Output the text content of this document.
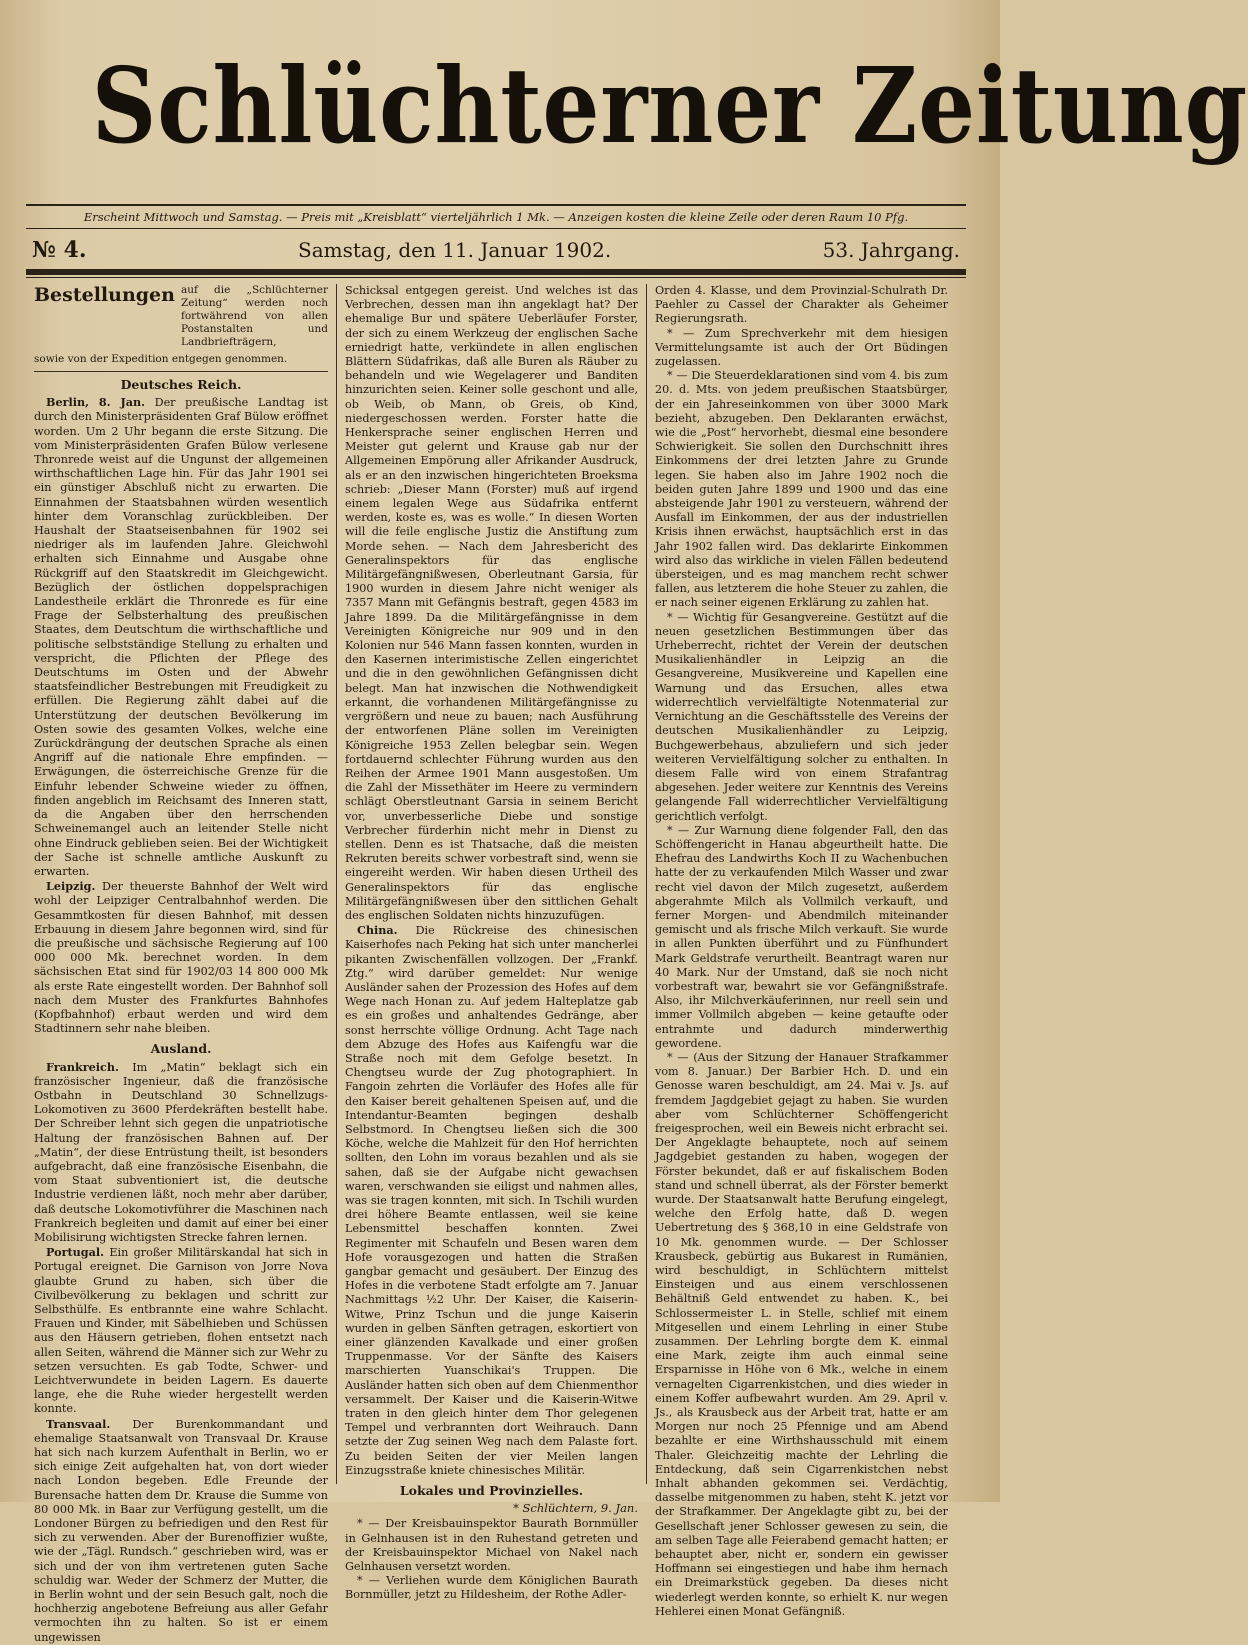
Schlüchterner Zeitung
Erscheint Mittwoch und Samstag. — Preis mit „Kreisblatt“ vierteljährlich 1 Mk. — Anzeigen kosten die kleine Zeile oder deren Raum 10 Pfg.
№ 4.	Samstag, den 11. Januar 1902.	53. Jahrgang.
Bestellungen auf die „Schlüchterner Zeitung“ werden noch fortwährend von allen Postanstalten und Landbriefträgern,
sowie von der Expedition entgegen genommen.
Deutsches Reich.

Berlin, 8. Jan. Der preußische Landtag ist durch den Ministerpräsidenten Graf Bülow eröffnet worden. Um 2 Uhr begann die erste Sitzung. Die vom Ministerpräsidenten Grafen Bülow verlesene Thronrede weist auf die Ungunst der allgemeinen wirthschaftlichen Lage hin. Für das Jahr 1901 sei ein günstiger Abschluß nicht zu erwarten. Die Einnahmen der Staatsbahnen würden wesentlich hinter dem Voranschlag zurückbleiben. Der Haushalt der Staatseisenbahnen für 1902 sei niedriger als im laufenden Jahre. Gleichwohl erhalten sich Einnahme und Ausgabe ohne Rückgriff auf den Staatskredit im Gleichgewicht. Bezüglich der östlichen doppelsprachigen Landestheile erklärt die Thronrede es für eine Frage der Selbsterhaltung des preußischen Staates, dem Deutschtum die wirthschaftliche und politische selbstständige Stellung zu erhalten und verspricht, die Pflichten der Pflege des Deutschtums im Osten und der Abwehr staatsfeindlicher Bestrebungen mit Freudigkeit zu erfüllen. Die Regierung zählt dabei auf die Unterstützung der deutschen Bevölkerung im Osten sowie des gesamten Volkes, welche eine Zurückdrängung der deutschen Sprache als einen Angriff auf die nationale Ehre empfinden. — Erwägungen, die österreichische Grenze für die Einfuhr lebender Schweine wieder zu öffnen, finden angeblich im Reichsamt des Inneren statt, da die Angaben über den herrschenden Schweinemangel auch an leitender Stelle nicht ohne Eindruck geblieben seien. Bei der Wichtigkeit der Sache ist schnelle amtliche Auskunft zu erwarten.

Leipzig. Der theuerste Bahnhof der Welt wird wohl der Leipziger Centralbahnhof werden. Die Gesammtkosten für diesen Bahnhof, mit dessen Erbauung in diesem Jahre begonnen wird, sind für die preußische und sächsische Regierung auf 100 000 000 Mk. berechnet worden. In dem sächsischen Etat sind für 1902/03 14 800 000 Mk als erste Rate eingestellt worden. Der Bahnhof soll nach dem Muster des Frankfurtes Bahnhofes (Kopfbahnhof) erbaut werden und wird dem Stadtinnern sehr nahe bleiben.

Ausland.

Frankreich. Im „Matin“ beklagt sich ein französischer Ingenieur, daß die französische Ostbahn in Deutschland 30 Schnellzugs-Lokomotiven zu 3600 Pferdekräften bestellt habe. Der Schreiber lehnt sich gegen die unpatriotische Haltung der französischen Bahnen auf. Der „Matin“, der diese Entrüstung theilt, ist besonders aufgebracht, daß eine französische Eisenbahn, die vom Staat subventioniert ist, die deutsche Industrie verdienen läßt, noch mehr aber darüber, daß deutsche Lokomotivführer die Maschinen nach Frankreich begleiten und damit auf einer bei einer Mobilisirung wichtigsten Strecke fahren lernen.

Portugal. Ein großer Militärskandal hat sich in Portugal ereignet. Die Garnison von Jorre Nova glaubte Grund zu haben, sich über die Civilbevölkerung zu beklagen und schritt zur Selbsthülfe. Es entbrannte eine wahre Schlacht. Frauen und Kinder, mit Säbelhieben und Schüssen aus den Häusern getrieben, flohen entsetzt nach allen Seiten, während die Männer sich zur Wehr zu setzen versuchten. Es gab Todte, Schwer- und Leichtverwundete in beiden Lagern. Es dauerte lange, ehe die Ruhe wieder hergestellt werden konnte.

Transvaal. Der Burenkommandant und ehemalige Staatsanwalt von Transvaal Dr. Krause hat sich nach kurzem Aufenthalt in Berlin, wo er sich einige Zeit aufgehalten hat, von dort wieder nach London begeben. Edle Freunde der Burensache hatten dem Dr. Krause die Summe von 80 000 Mk. in Baar zur Verfügung gestellt, um die Londoner Bürgen zu befriedigen und den Rest für sich zu verwenden. Aber der Burenoffizier wußte, wie der „Tägl. Rundsch.“ geschrieben wird, was er sich und der von ihm vertretenen guten Sache schuldig war. Weder der Schmerz der Mutter, die in Berlin wohnt und der sein Besuch galt, noch die hochherzig angebotene Befreiung aus aller Gefahr vermochten ihn zu halten. So ist er einem ungewissen

Schicksal entgegen gereist. Und welches ist das Verbrechen, dessen man ihn angeklagt hat? Der ehemalige Bur und spätere Ueberläufer Forster, der sich zu einem Werkzeug der englischen Sache erniedrigt hatte, verkündete in allen englischen Blättern Südafrikas, daß alle Buren als Räuber zu behandeln und wie Wegelagerer und Banditen hinzurichten seien. Keiner solle geschont und alle, ob Weib, ob Mann, ob Greis, ob Kind, niedergeschossen werden. Forster hatte die Henkersprache seiner englischen Herren und Meister gut gelernt und Krause gab nur der Allgemeinen Empörung aller Afrikander Ausdruck, als er an den inzwischen hingerichteten Broeksma schrieb: „Dieser Mann (Forster) muß auf irgend einem legalen Wege aus Südafrika entfernt werden, koste es, was es wolle.“ In diesen Worten will die feile englische Justiz die Anstiftung zum Morde sehen. — Nach dem Jahresbericht des Generalinspektors für das englische Militärgefängnißwesen, Oberleutnant Garsia, für 1900 wurden in diesem Jahre nicht weniger als 7357 Mann mit Gefängnis bestraft, gegen 4583 im Jahre 1899. Da die Militärgefängnisse in dem Vereinigten Königreiche nur 909 und in den Kolonien nur 546 Mann fassen konnten, wurden in den Kasernen interimistische Zellen eingerichtet und die in den gewöhnlichen Gefängnissen dicht belegt. Man hat inzwischen die Nothwendigkeit erkannt, die vorhandenen Militärgefängnisse zu vergrößern und neue zu bauen; nach Ausführung der entworfenen Pläne sollen im Vereinigten Königreiche 1953 Zellen belegbar sein. Wegen fortdauernd schlechter Führung wurden aus den Reihen der Armee 1901 Mann ausgestoßen. Um die Zahl der Missethäter im Heere zu vermindern schlägt Oberstleutnant Garsia in seinem Bericht vor, unverbesserliche Diebe und sonstige Verbrecher fürderhin nicht mehr in Dienst zu stellen. Denn es ist Thatsache, daß die meisten Rekruten bereits schwer vorbestraft sind, wenn sie eingereiht werden. Wir haben diesen Urtheil des Generalinspektors für das englische Militärgefängnißwesen über den sittlichen Gehalt des englischen Soldaten nichts hinzuzufügen.

China. Die Rückreise des chinesischen Kaiserhofes nach Peking hat sich unter mancherlei pikanten Zwischenfällen vollzogen. Der „Frankf. Ztg.“ wird darüber gemeldet: Nur wenige Ausländer sahen der Prozession des Hofes auf dem Wege nach Honan zu. Auf jedem Halteplatze gab es ein großes und anhaltendes Gedränge, aber sonst herrschte völlige Ordnung. Acht Tage nach dem Abzuge des Hofes aus Kaifengfu war die Straße noch mit dem Gefolge besetzt. In Chengtseu wurde der Zug photographiert. In Fangoin zehrten die Vorläufer des Hofes alle für den Kaiser bereit gehaltenen Speisen auf, und die Intendantur-Beamten begingen deshalb Selbstmord. In Chengtseu ließen sich die 300 Köche, welche die Mahlzeit für den Hof herrichten sollten, den Lohn im voraus bezahlen und als sie sahen, daß sie der Aufgabe nicht gewachsen waren, verschwanden sie eiligst und nahmen alles, was sie tragen konnten, mit sich. In Tschili wurden drei höhere Beamte entlassen, weil sie keine Lebensmittel beschaffen konnten. Zwei Regimenter mit Schaufeln und Besen waren dem Hofe vorausgezogen und hatten die Straßen gangbar gemacht und gesäubert. Der Einzug des Hofes in die verbotene Stadt erfolgte am 7. Januar Nachmittags ½2 Uhr. Der Kaiser, die Kaiserin-Witwe, Prinz Tschun und die junge Kaiserin wurden in gelben Sänften getragen, eskortiert von einer glänzenden Kavalkade und einer großen Truppenmasse. Vor der Sänfte des Kaisers marschierten Yuanschikai's Truppen. Die Ausländer hatten sich oben auf dem Chienmenthor versammelt. Der Kaiser und die Kaiserin-Witwe traten in den gleich hinter dem Thor gelegenen Tempel und verbrannten dort Weihrauch. Dann setzte der Zug seinen Weg nach dem Palaste fort. Zu beiden Seiten der vier Meilen langen Einzugsstraße kniete chinesisches Militär.

Lokales und Provinzielles.
* Schlüchtern, 9. Jan.

* — Der Kreisbauinspektor Baurath Bornmüller in Gelnhausen ist in den Ruhestand getreten und der Kreisbauinspektor Michael von Nakel nach Gelnhausen versetzt worden.

* — Verliehen wurde dem Königlichen Baurath Bornmüller, jetzt zu Hildesheim, der Rothe Adler-

Orden 4. Klasse, und dem Provinzial-Schulrath Dr. Paehler zu Cassel der Charakter als Geheimer Regierungsrath.

* — Zum Sprechverkehr mit dem hiesigen Vermittelungsamte ist auch der Ort Büdingen zugelassen.

* — Die Steuerdeklarationen sind vom 4. bis zum 20. d. Mts. von jedem preußischen Staatsbürger, der ein Jahreseinkommen von über 3000 Mark bezieht, abzugeben. Den Deklaranten erwächst, wie die „Post“ hervorhebt, diesmal eine besondere Schwierigkeit. Sie sollen den Durchschnitt ihres Einkommens der drei letzten Jahre zu Grunde legen. Sie haben also im Jahre 1902 noch die beiden guten Jahre 1899 und 1900 und das eine absteigende Jahr 1901 zu versteuern, während der Ausfall im Einkommen, der aus der industriellen Krisis ihnen erwächst, hauptsächlich erst in das Jahr 1902 fallen wird. Das deklarirte Einkommen wird also das wirkliche in vielen Fällen bedeutend übersteigen, und es mag manchem recht schwer fallen, aus letzterem die hohe Steuer zu zahlen, die er nach seiner eigenen Erklärung zu zahlen hat.

* — Wichtig für Gesangvereine. Gestützt auf die neuen gesetzlichen Bestimmungen über das Urheberrecht, richtet der Verein der deutschen Musikalienhändler in Leipzig an die Gesangvereine, Musikvereine und Kapellen eine Warnung und das Ersuchen, alles etwa widerrechtlich vervielfältigte Notenmaterial zur Vernichtung an die Geschäftsstelle des Vereins der deutschen Musikalienhändler zu Leipzig, Buchgewerbehaus, abzuliefern und sich jeder weiteren Vervielfältigung solcher zu enthalten. In diesem Falle wird von einem Strafantrag abgesehen. Jeder weitere zur Kenntnis des Vereins gelangende Fall widerrechtlicher Vervielfältigung gerichtlich verfolgt.

* — Zur Warnung diene folgender Fall, den das Schöffengericht in Hanau abgeurtheilt hatte. Die Ehefrau des Landwirths Koch II zu Wachenbuchen hatte der zu verkaufenden Milch Wasser und zwar recht viel davon der Milch zugesetzt, außerdem abgerahmte Milch als Vollmilch verkauft, und ferner Morgen- und Abendmilch miteinander gemischt und als frische Milch verkauft. Sie wurde in allen Punkten überführt und zu Fünfhundert Mark Geldstrafe verurtheilt. Beantragt waren nur 40 Mark. Nur der Umstand, daß sie noch nicht vorbestraft war, bewahrt sie vor Gefängnißstrafe. Also, ihr Milchverkäuferinnen, nur reell sein und immer Vollmilch abgeben — keine getaufte oder entrahmte und dadurch minderwerthig gewordene.

* — (Aus der Sitzung der Hanauer Strafkammer vom 8. Januar.) Der Barbier Hch. D. und ein Genosse waren beschuldigt, am 24. Mai v. Js. auf fremdem Jagdgebiet gejagt zu haben. Sie wurden aber vom Schlüchterner Schöffengericht freigesprochen, weil ein Beweis nicht erbracht sei. Der Angeklagte behauptete, noch auf seinem Jagdgebiet gestanden zu haben, wogegen der Förster bekundet, daß er auf fiskalischem Boden stand und schnell überrat, als der Förster bemerkt wurde. Der Staatsanwalt hatte Berufung eingelegt, welche den Erfolg hatte, daß D. wegen Uebertretung des § 368,10 in eine Geldstrafe von 10 Mk. genommen wurde. — Der Schlosser Krausbeck, gebürtig aus Bukarest in Rumänien, wird beschuldigt, in Schlüchtern mittelst Einsteigen und aus einem verschlossenen Behältniß Geld entwendet zu haben. K., bei Schlossermeister L. in Stelle, schlief mit einem Mitgesellen und einem Lehrling in einer Stube zusammen. Der Lehrling borgte dem K. einmal eine Mark, zeigte ihm auch einmal seine Ersparnisse in Höhe von 6 Mk., welche in einem vernagelten Cigarrenkistchen, und dies wieder in einem Koffer aufbewahrt wurden. Am 29. April v. Js., als Krausbeck aus der Arbeit trat, hatte er am Morgen nur noch 25 Pfennige und am Abend bezahlte er eine Wirthshausschuld mit einem Thaler. Gleichzeitig machte der Lehrling die Entdeckung, daß sein Cigarrenkistchen nebst Inhalt abhanden gekommen sei. Verdächtig, dasselbe mitgenommen zu haben, steht K. jetzt vor der Strafkammer. Der Angeklagte gibt zu, bei der Gesellschaft jener Schlosser gewesen zu sein, die am selben Tage alle Feierabend gemacht hatten; er behauptet aber, nicht er, sondern ein gewisser Hoffmann sei eingestiegen und habe ihm hernach ein Dreimarkstück gegeben. Da dieses nicht wiederlegt werden konnte, so erhielt K. nur wegen Hehlerei einen Monat Gefängniß.
